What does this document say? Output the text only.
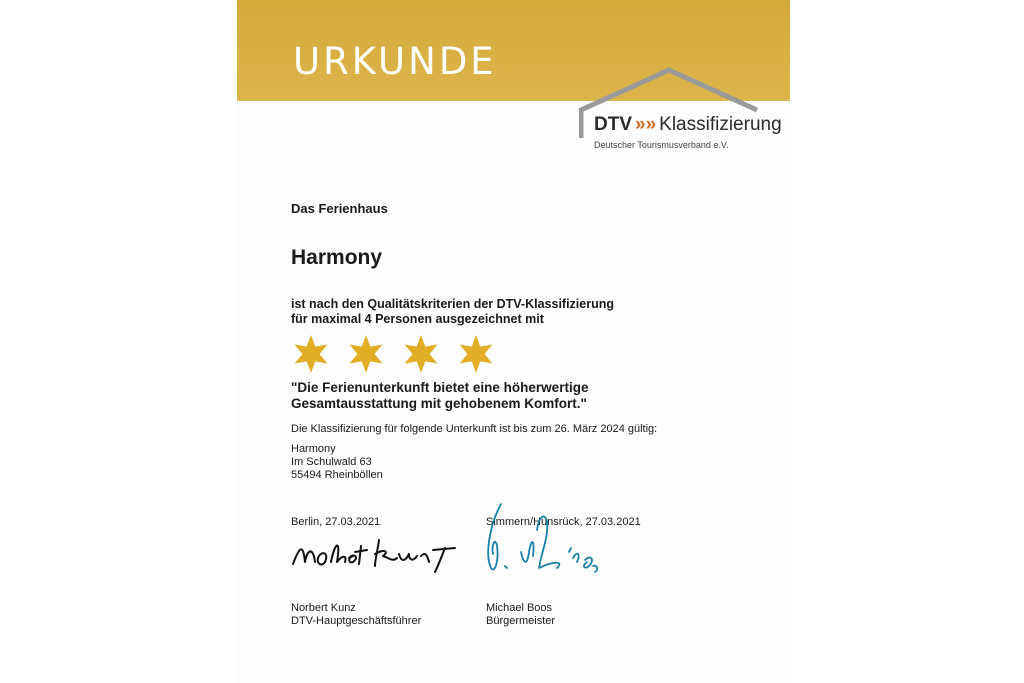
URKUNDE
DTV »» Klassifizierung
Deutscher Tourismusverband e.V.
Das Ferienhaus
Harmony
ist nach den Qualitätskriterien der DTV-Klassifizierung
für maximal 4 Personen ausgezeichnet mit
"Die Ferienunterkunft bietet eine höherwertige
Gesamtausstattung mit gehobenem Komfort."
Die Klassifizierung für folgende Unterkunft ist bis zum 26. März 2024 gültig:
Harmony
Im Schulwald 63
55494 Rheinböllen
Berlin, 27.03.2021	Simmern/Hunsrück, 27.03.2021
Norbert Kunz
DTV-Hauptgeschäftsführer
Michael Boos
Bürgermeister
